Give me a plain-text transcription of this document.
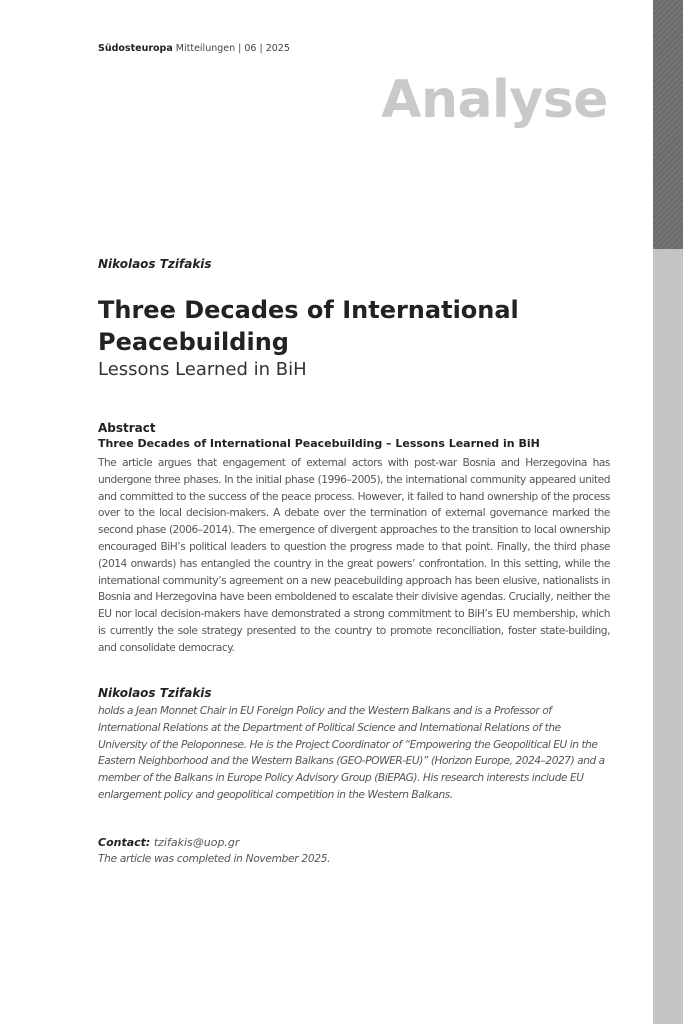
Südosteuropa Mitteilungen | 06 | 2025
Analyse
Nikolaos Tzifakis
Three Decades of International Peacebuilding
Lessons Learned in BiH
Abstract
Three Decades of International Peacebuilding – Lessons Learned in BiH

The article argues that engagement of external actors with post-war Bosnia and Herzegovina has undergone three phases. In the initial phase (1996–2005), the international community appeared united and committed to the success of the peace process. However, it failed to hand ownership of the process over to the local decision-makers. A debate over the termination of external governance marked the second phase (2006–2014). The emergence of divergent approaches to the transition to local ownership encouraged BiH’s political leaders to question the progress made to that point. Finally, the third phase (2014 onwards) has entangled the country in the great powers’ confrontation. In this setting, while the international community’s agreement on a new peacebuilding approach has been elusive, nationalists in Bosnia and Herzegovina have been emboldened to escalate their divisive agendas. Crucially, neither the EU nor local decision-makers have demonstrated a strong commitment to BiH’s EU membership, which is currently the sole strategy presented to the country to promote reconciliation, foster state-building, and consolidate democracy.

Nikolaos Tzifakis

holds a Jean Monnet Chair in EU Foreign Policy and the Western Balkans and is a Professor of International Relations at the Department of Political Science and International Relations of the University of the Peloponnese. He is the Project Coordinator of “Empowering the Geopolitical EU in the Eastern Neighborhood and the Western Balkans (GEO-POWER-EU)” (Horizon Europe, 2024–2027) and a member of the Balkans in Europe Policy Advisory Group (BiEPAG). His research interests include EU enlargement policy and geopolitical competition in the Western Balkans.

Contact: tzifakis@uop.gr
The article was completed in November 2025.
